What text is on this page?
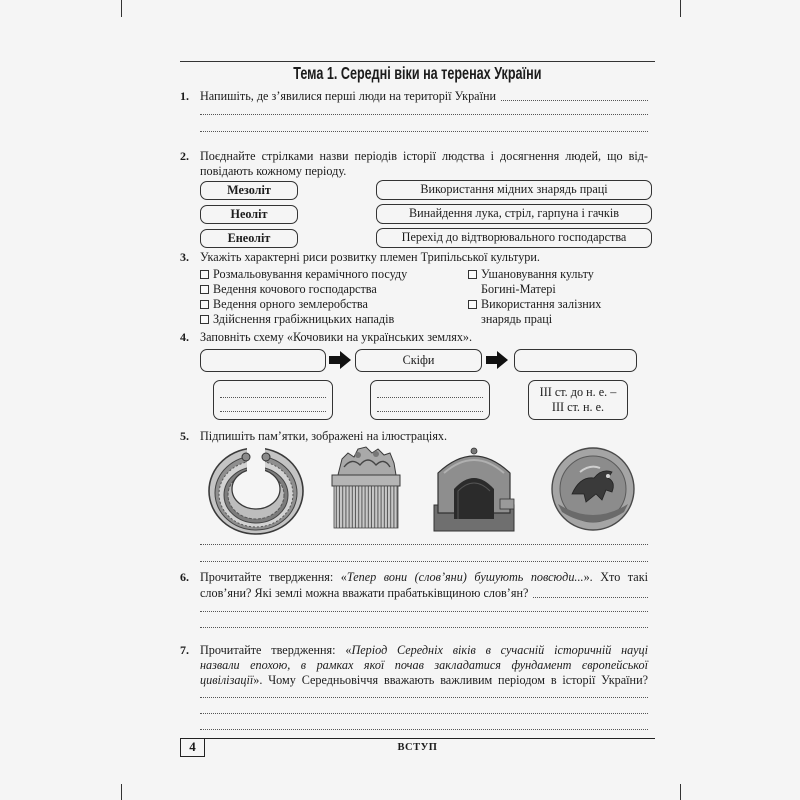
Тема 1. Середні віки на теренах України
1. Напишіть, де з’явилися перші люди на території України
2. Поєднайте стрілками назви періодів історії людства і досягнення людей, що від-
повідають кожному періоду.
Мезоліт
Неоліт
Енеоліт
Використання мідних знарядь праці
Винайдення лука, стріл, гарпуна і гачків
Перехід до відтворювального господарства
3. Укажіть характерні риси розвитку племен Трипільської культури.
Розмальовування керамічного посуду
Ведення кочового господарства
Ведення орного землеробства
Здійснення грабіжницьких нападів
Ушановування культу
Богині-Матері
Використання залізних
знарядь праці
4. Заповніть схему «Кочовики на українських землях».
Скіфи
ІІІ ст. до н. е. –
ІІІ ст. н. е.
5. Підпишіть пам’ятки, зображені на ілюстраціях.
6. Прочитайте твердження: «Тепер вони (слов’яни) бушують повсюди...». Хто такі
слов’яни? Які землі можна вважати прабатьківщиною слов’ян?
7. Прочитайте твердження: «Період Середніх віків в сучасній історичній науці
назвали епохою, в рамках якої почав закладатися фундамент європейської
цивілізації». Чому Середньовіччя вважають важливим періодом в історії України?
4	ВСТУП
